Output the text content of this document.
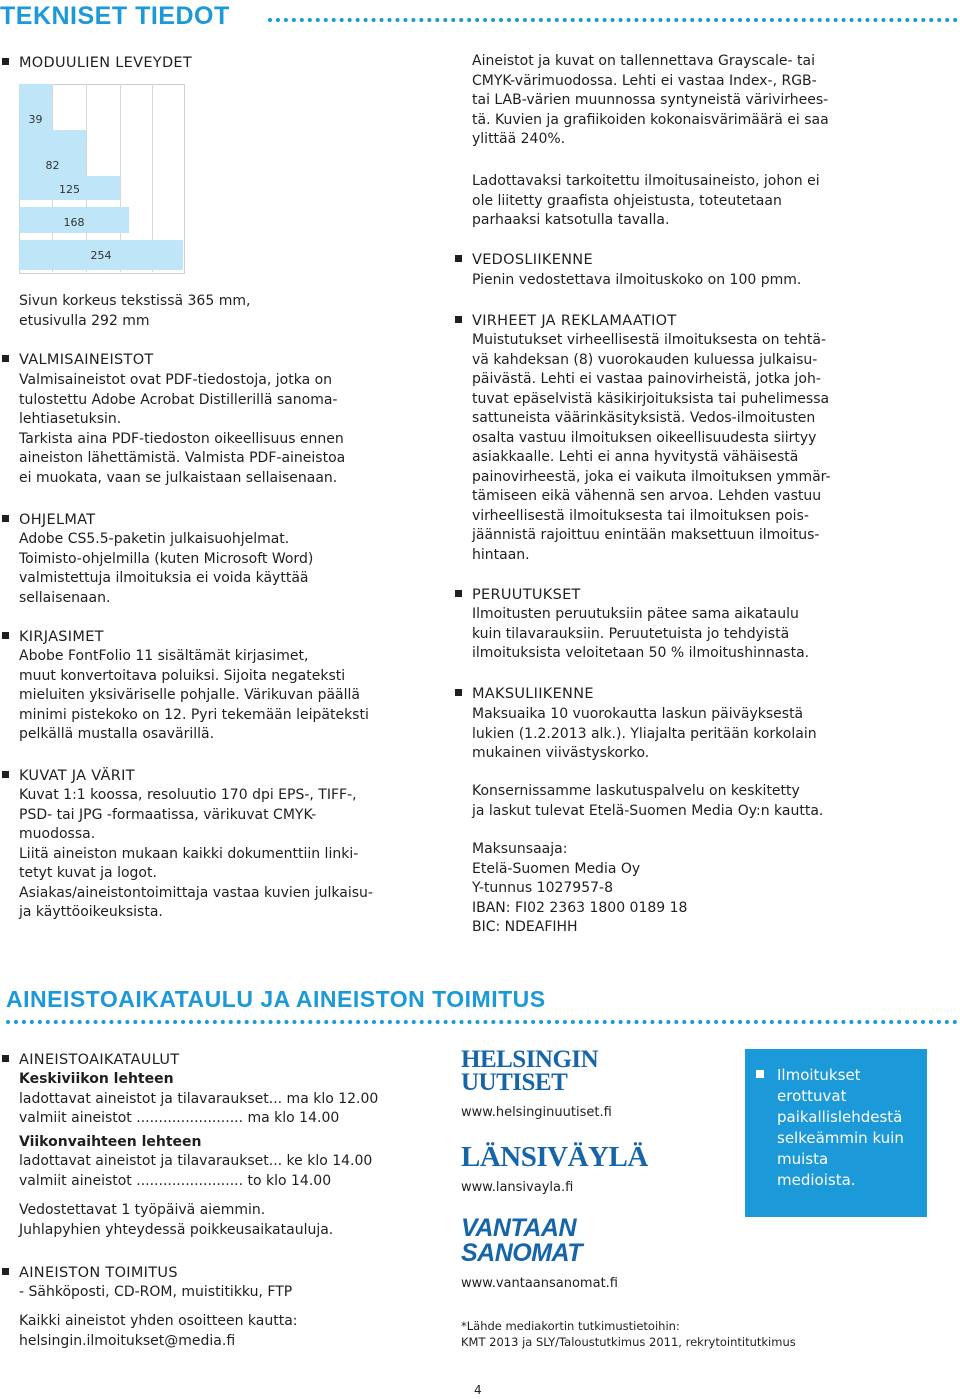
TEKNISET TIEDOT
MODUULIEN LEVEYDET
39
82
125
168
254
Sivun korkeus tekstissä 365 mm,
etusivulla 292 mm
VALMISAINEISTOT
Valmisaineistot ovat PDF-tiedostoja, jotka on
tulostettu Adobe Acrobat Distillerillä sanoma-
lehtiasetuksin.
Tarkista aina PDF-tiedoston oikeellisuus ennen
aineiston lähettämistä. Valmista PDF-aineistoa
ei muokata, vaan se julkaistaan sellaisenaan.
OHJELMAT
Adobe CS5.5-paketin julkaisuohjelmat.
Toimisto-ohjelmilla (kuten Microsoft Word)
valmistettuja ilmoituksia ei voida käyttää
sellaisenaan.
KIRJASIMET
Abobe FontFolio 11 sisältämät kirjasimet,
muut konvertoitava poluiksi. Sijoita negateksti
mieluiten yksiväriselle pohjalle. Värikuvan päällä
minimi pistekoko on 12. Pyri tekemään leipäteksti
pelkällä mustalla osavärillä.
KUVAT JA VÄRIT
Kuvat 1:1 koossa, resoluutio 170 dpi EPS-, TIFF-,
PSD- tai JPG -formaatissa, värikuvat CMYK-
muodossa.
Liitä aineiston mukaan kaikki dokumenttiin linki-
tetyt kuvat ja logot.
Asiakas/aineistontoimittaja vastaa kuvien julkaisu-
ja käyttöoikeuksista.
Aineistot ja kuvat on tallennettava Grayscale- tai
CMYK-värimuodossa. Lehti ei vastaa Index-, RGB-
tai LAB-värien muunnossa syntyneistä värivirhees-
tä. Kuvien ja grafiikoiden kokonaisvärimäärä ei saa
ylittää 240%.
Ladottavaksi tarkoitettu ilmoitusaineisto, johon ei
ole liitetty graafista ohjeistusta, toteutetaan
parhaaksi katsotulla tavalla.
VEDOSLIIKENNE
Pienin vedostettava ilmoituskoko on 100 pmm.
VIRHEET JA REKLAMAATIOT
Muistutukset virheellisestä ilmoituksesta on tehtä-
vä kahdeksan (8) vuorokauden kuluessa julkaisu-
päivästä. Lehti ei vastaa painovirheistä, jotka joh-
tuvat epäselvistä käsikirjoituksista tai puhelimessa
sattuneista väärinkäsityksistä. Vedos-ilmoitusten
osalta vastuu ilmoituksen oikeellisuudesta siirtyy
asiakkaalle. Lehti ei anna hyvitystä vähäisestä
painovirheestä, joka ei vaikuta ilmoituksen ymmär-
tämiseen eikä vähennä sen arvoa. Lehden vastuu
virheellisestä ilmoituksesta tai ilmoituksen pois-
jäännistä rajoittuu enintään maksettuun ilmoitus-
hintaan.
PERUUTUKSET
Ilmoitusten peruutuksiin pätee sama aikataulu
kuin tilavarauksiin. Peruutetuista jo tehdyistä
ilmoituksista veloitetaan 50 % ilmoitushinnasta.
MAKSULIIKENNE
Maksuaika 10 vuorokautta laskun päiväyksestä
lukien (1.2.2013 alk.). Yliajalta peritään korkolain
mukainen viivästyskorko.
Konsernissamme laskutuspalvelu on keskitetty
ja laskut tulevat Etelä-Suomen Media Oy:n kautta.
Maksunsaaja:
Etelä-Suomen Media Oy
Y-tunnus 1027957-8
IBAN: FI02 2363 1800 0189 18
BIC: NDEAFIHH
AINEISTOAIKATAULU JA AINEISTON TOIMITUS
AINEISTOAIKATAULUT
Keskiviikon lehteen
ladottavat aineistot ja tilavaraukset... ma klo 12.00
valmiit aineistot ........................ ma klo 14.00
Viikonvaihteen lehteen
ladottavat aineistot ja tilavaraukset... ke klo 14.00
valmiit aineistot ........................ to klo 14.00
Vedostettavat 1 työpäivä aiemmin.
Juhlapyhien yhteydessä poikkeusaikatauluja.
AINEISTON TOIMITUS
- Sähköposti, CD-ROM, muistitikku, FTP
Kaikki aineistot yhden osoitteen kautta:
helsingin.ilmoitukset@media.fi
HELSINGIN
UUTISET
www.helsinginuutiset.fi
LÄNSIVÄYLÄ
www.lansivayla.fi
VANTAAN
SANOMAT
www.vantaansanomat.fi
*Lähde mediakortin tutkimustietoihin:
KMT 2013 ja SLY/Taloustutkimus 2011, rekrytointitutkimus
Ilmoitukset
erottuvat
paikallislehdestä
selkeämmin kuin
muista
medioista.
4
